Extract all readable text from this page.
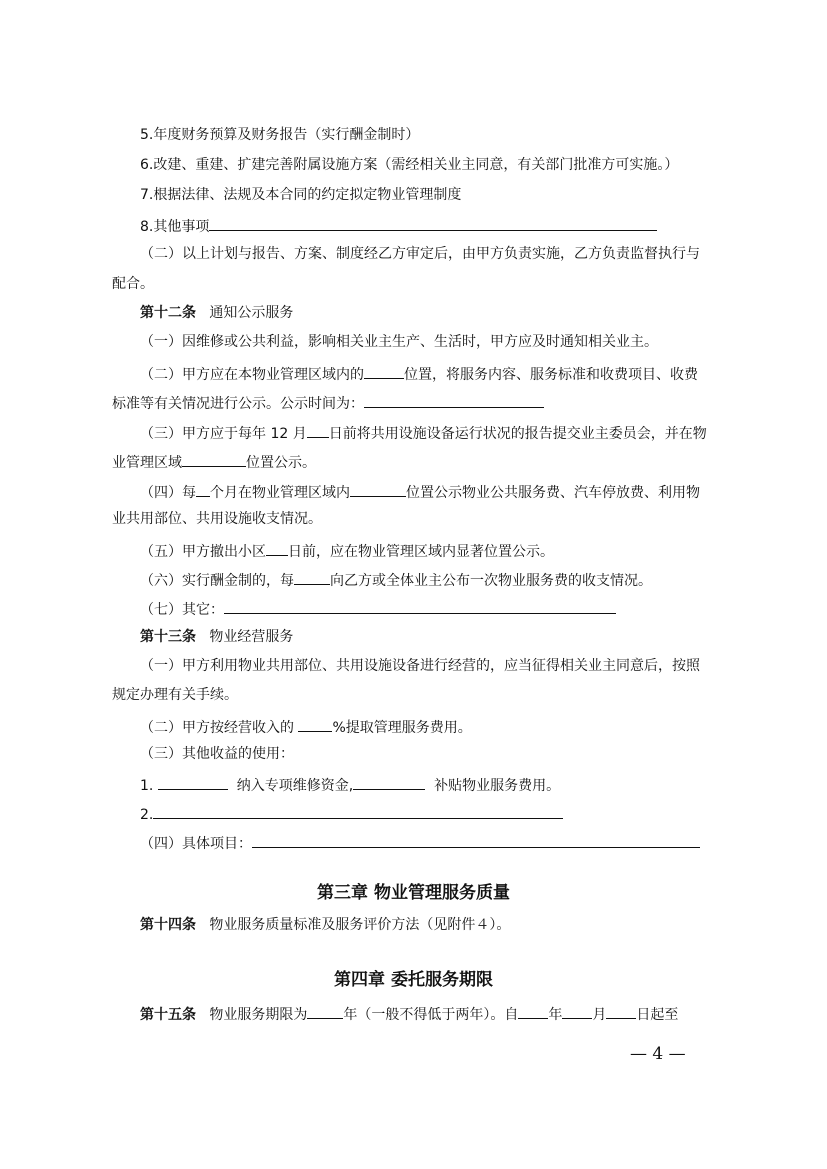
5.年度财务预算及财务报告（实行酬金制时）
6.改建、重建、扩建完善附属设施方案（需经相关业主同意，有关部门批准方可实施。）
7.根据法律、法规及本合同的约定拟定物业管理制度
8.其他事项
（二）以上计划与报告、方案、制度经乙方审定后，由甲方负责实施，乙方负责监督执行与
配合。
第十二条 通知公示服务
（一）因维修或公共利益，影响相关业主生产、生活时，甲方应及时通知相关业主。
（二）甲方应在本物业管理区域内的	位置，将服务内容、服务标准和收费项目、收费
标准等有关情况进行公示。公示时间为：
（三）甲方应于每年 12 月 日前将共用设施设备运行状况的报告提交业主委员会，并在物
业管理区域	位置公示。
（四）每 个月在物业管理区域内	位置公示物业公共服务费、汽车停放费、利用物
业共用部位、共用设施收支情况。
（五）甲方撤出小区 日前，应在物业管理区域内显著位置公示。
（六）实行酬金制的，每	向乙方或全体业主公布一次物业服务费的收支情况。
（七）其它：
第十三条 物业经营服务
（一）甲方利用物业共用部位、共用设施设备进行经营的，应当征得相关业主同意后，按照
规定办理有关手续。
（二）甲方按经营收入的	%提取管理服务费用。
（三）其他收益的使用：
1.	纳入专项维修资金,	补贴物业服务费用。
2.
（四）具体项目：
第三章 物业管理服务质量
第十四条 物业服务质量标准及服务评价方法（见附件４）。
第四章 委托服务期限
第十五条 物业服务期限为	年（一般不得低于两年）。自 年 月 日起至
— 4 —
